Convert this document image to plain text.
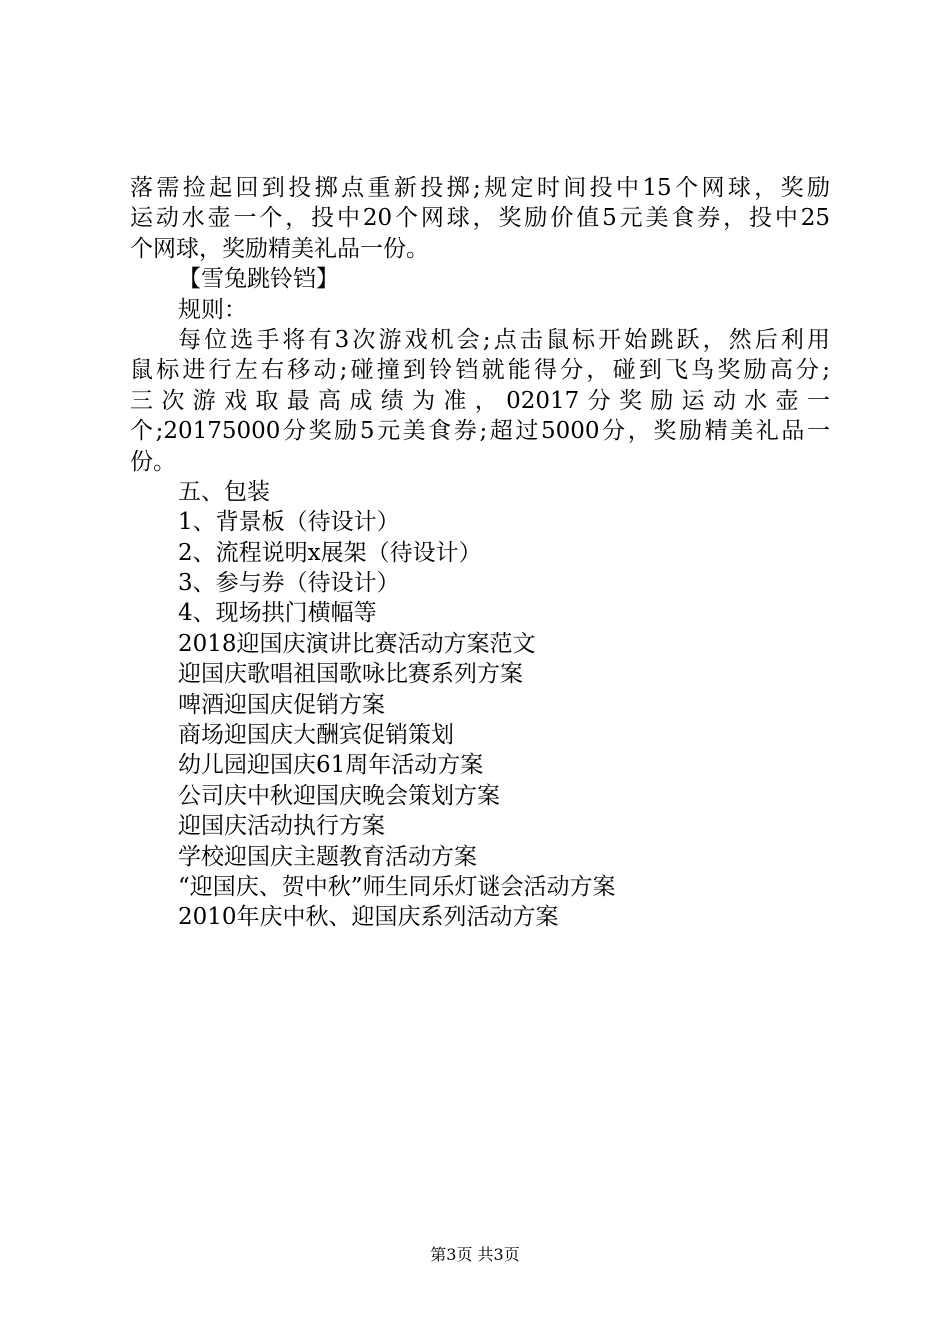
落需捡起回到投掷点重新投掷;规定时间投中15个网球，奖励
运动水壶一个，投中20个网球，奖励价值5元美食券，投中25
个网球，奖励精美礼品一份。
【雪兔跳铃铛】
规则：
每位选手将有3次游戏机会;点击鼠标开始跳跃，然后利用
鼠标进行左右移动;碰撞到铃铛就能得分，碰到飞鸟奖励高分;
三次游戏取最高成绩为准，02017分奖励运动水壶一
个;20175000分奖励5元美食券;超过5000分，奖励精美礼品一
份。
五、包装
1、背景板（待设计）
2、流程说明x展架（待设计）
3、参与券（待设计）
4、现场拱门横幅等
2018迎国庆演讲比赛活动方案范文
迎国庆歌唱祖国歌咏比赛系列方案
啤酒迎国庆促销方案
商场迎国庆大酬宾促销策划
幼儿园迎国庆61周年活动方案
公司庆中秋迎国庆晚会策划方案
迎国庆活动执行方案
学校迎国庆主题教育活动方案
“迎国庆、贺中秋”师生同乐灯谜会活动方案
2010年庆中秋、迎国庆系列活动方案
第3页 共3页
